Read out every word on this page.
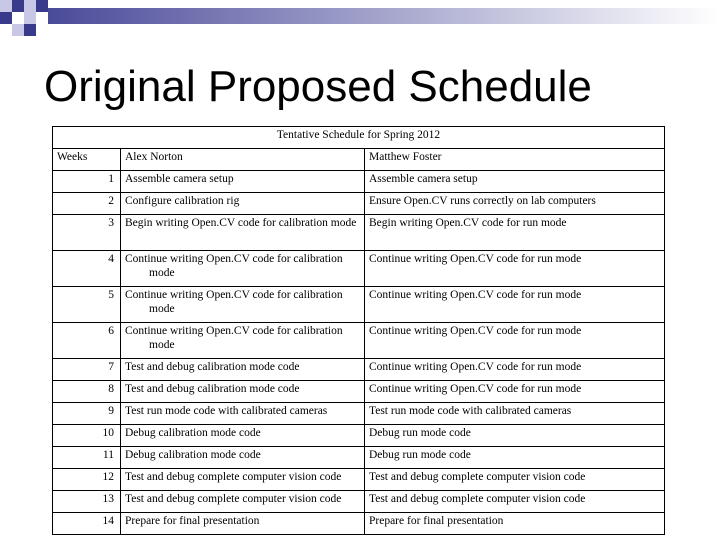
Original Proposed Schedule
Tentative Schedule for Spring 2012		
Weeks	Alex Norton	Matthew Foster
1	Assemble camera setup	Assemble camera setup
2	Configure calibration rig	Ensure Open.CV runs correctly on lab computers
3	Begin writing Open.CV code for calibration mode	Begin writing Open.CV code for run mode
4	Continue writing Open.CV code for calibration mode	Continue writing Open.CV code for run mode
5	Continue writing Open.CV code for calibration mode	Continue writing Open.CV code for run mode
6	Continue writing Open.CV code for calibration mode	Continue writing Open.CV code for run mode
7	Test and debug calibration mode code	Continue writing Open.CV code for run mode
8	Test and debug calibration mode code	Continue writing Open.CV code for run mode
9	Test run mode code with calibrated cameras	Test run mode code with calibrated cameras
10	Debug calibration mode code	Debug run mode code
11	Debug calibration mode code	Debug run mode code
12	Test and debug complete computer vision code	Test and debug complete computer vision code
13	Test and debug complete computer vision code	Test and debug complete computer vision code
14	Prepare for final presentation	Prepare for final presentation
